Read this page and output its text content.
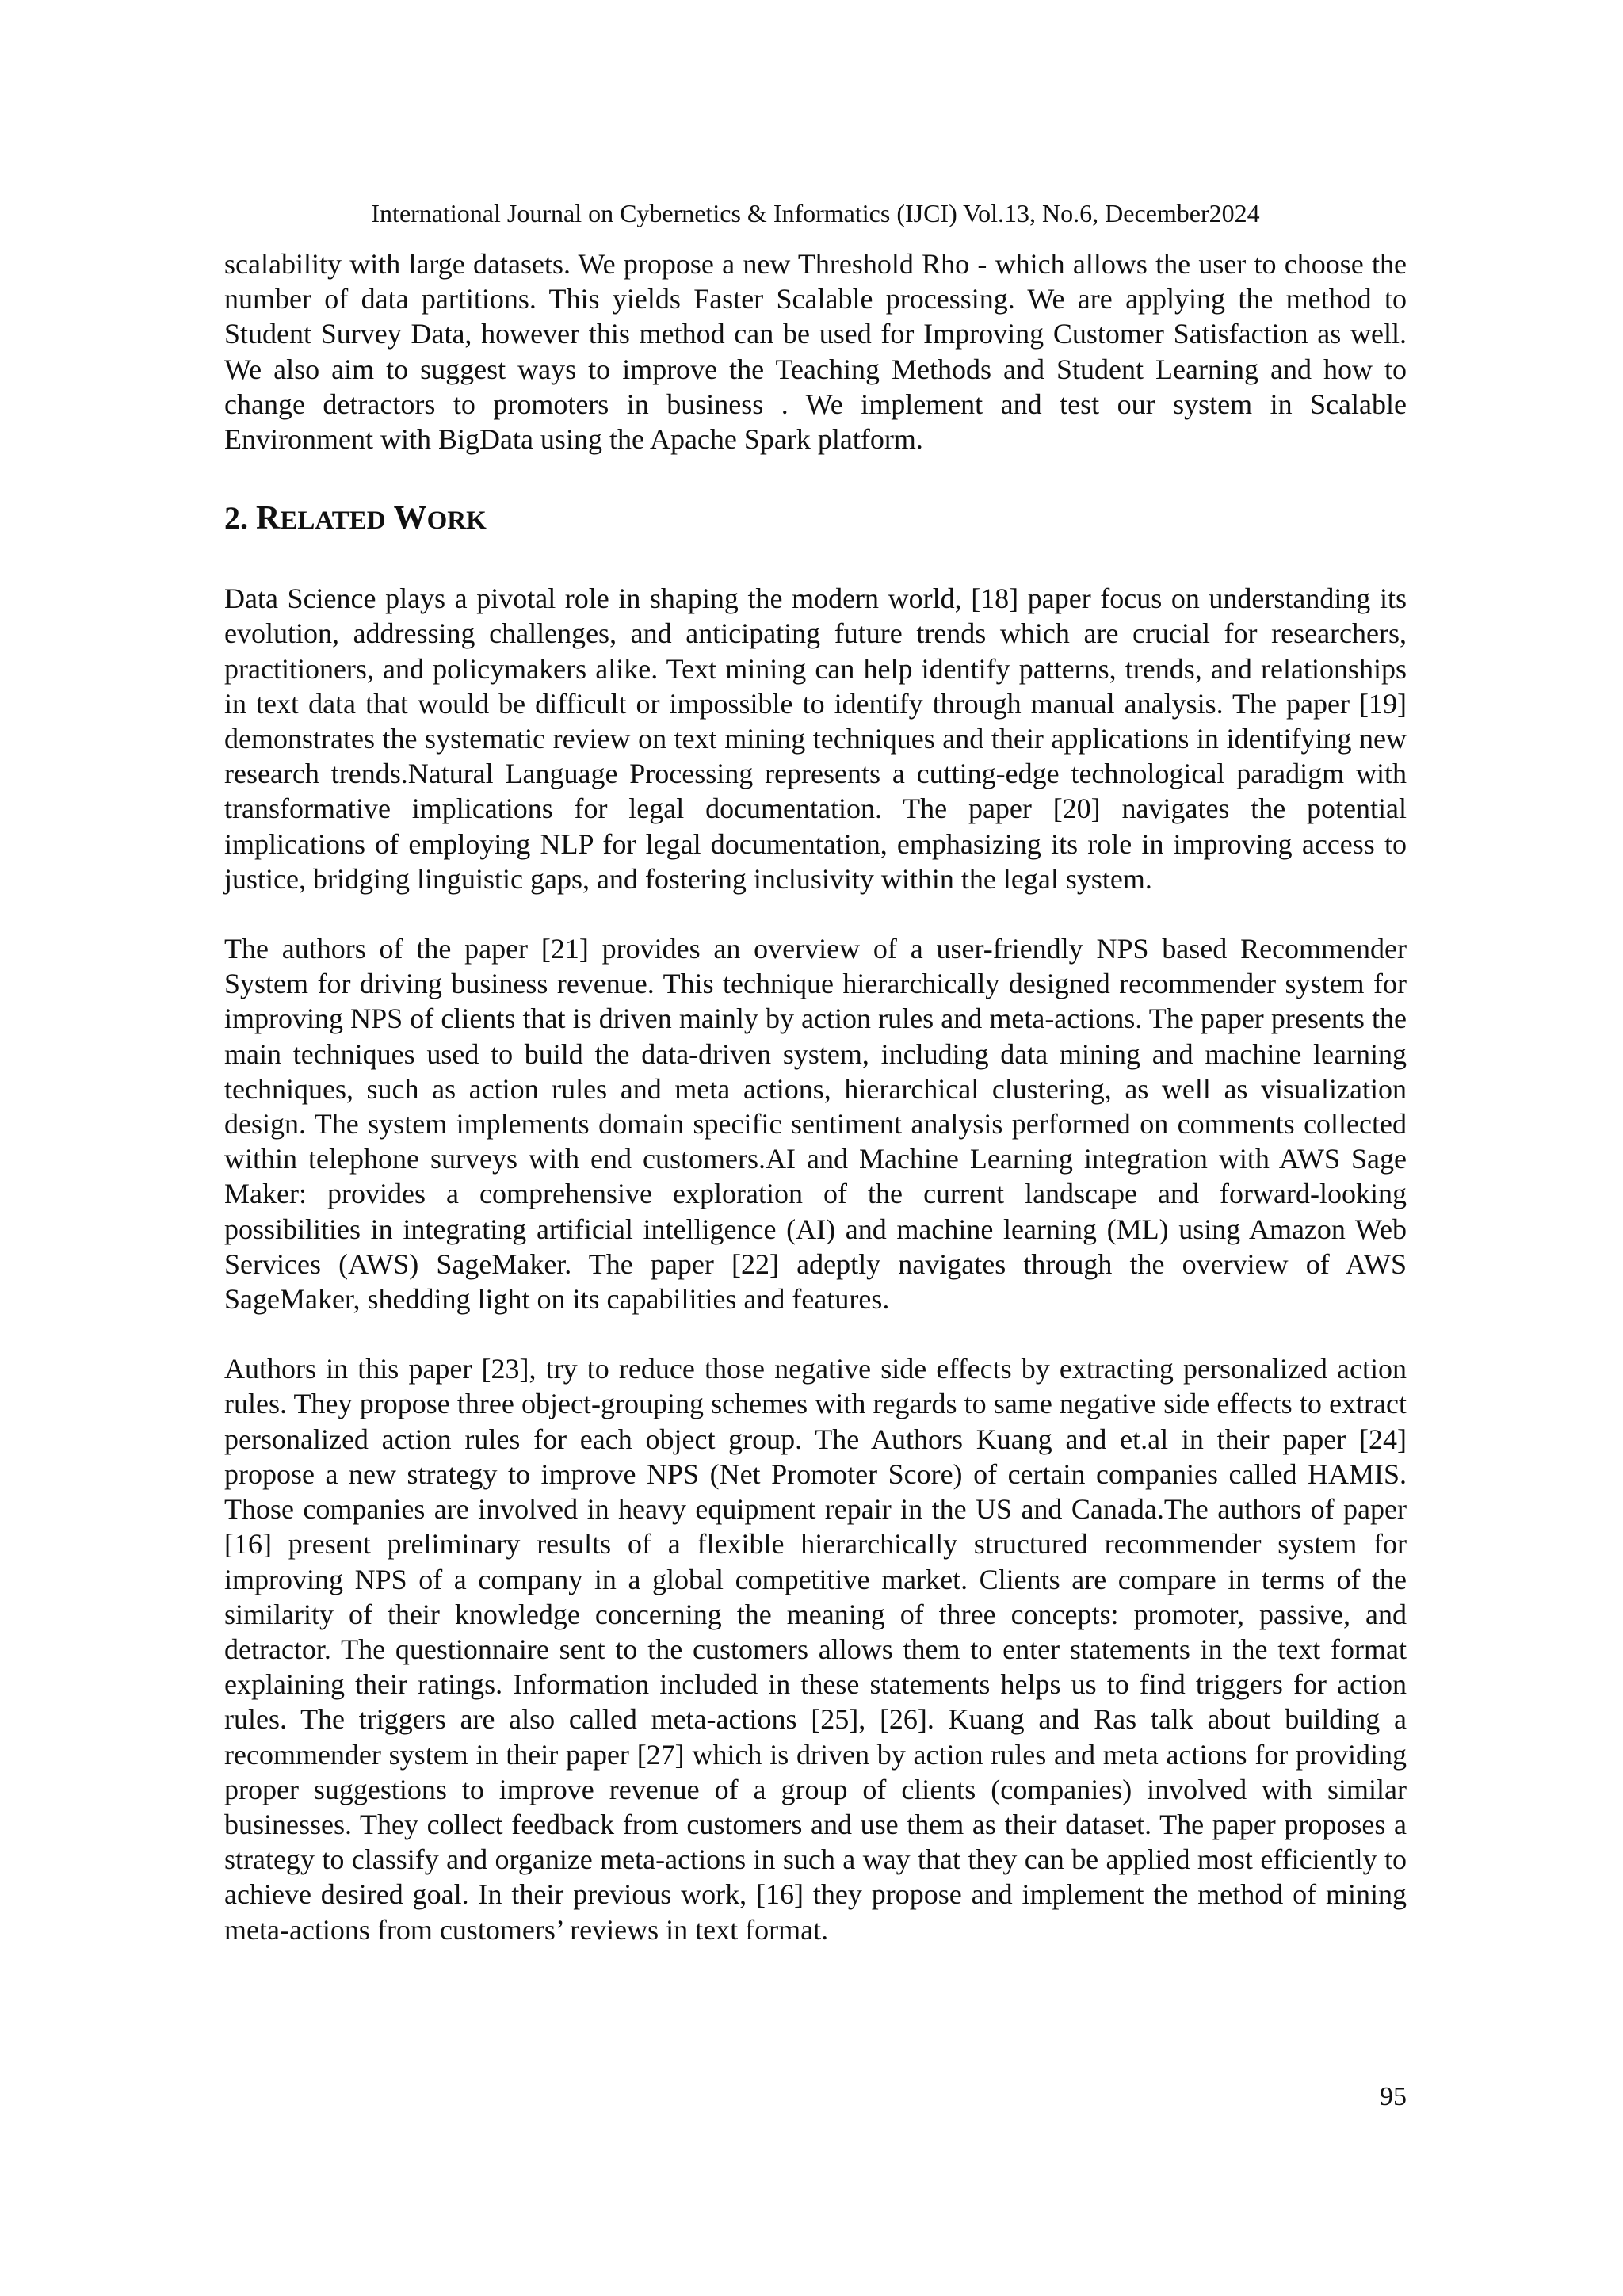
International Journal on Cybernetics & Informatics (IJCI) Vol.13, No.6, December2024

scalability with large datasets. We propose a new Threshold Rho - which allows the user to choose the number of data partitions. This yields Faster Scalable processing. We are applying the method to Student Survey Data, however this method can be used for Improving Customer Satisfaction as well. We also aim to suggest ways to improve the Teaching Methods and Student Learning and how to change detractors to promoters in business . We implement and test our system in Scalable Environment with BigData using the Apache Spark platform.

2. RELATED WORK

Data Science plays a pivotal role in shaping the modern world, [18] paper focus on understanding its evolution, addressing challenges, and anticipating future trends which are crucial for researchers, practitioners, and policymakers alike. Text mining can help identify patterns, trends, and relationships in text data that would be difficult or impossible to identify through manual analysis. The paper [19] demonstrates the systematic review on text mining techniques and their applications in identifying new research trends.Natural Language Processing represents a cutting-edge technological paradigm with transformative implications for legal documentation. The paper [20] navigates the potential implications of employing NLP for legal documentation, emphasizing its role in improving access to justice, bridging linguistic gaps, and fostering inclusivity within the legal system.

The authors of the paper [21] provides an overview of a user-friendly NPS based Recommender System for driving business revenue. This technique hierarchically designed recommender system for improving NPS of clients that is driven mainly by action rules and meta-actions. The paper presents the main techniques used to build the data-driven system, including data mining and machine learning techniques, such as action rules and meta actions, hierarchical clustering, as well as visualization design. The system implements domain specific sentiment analysis performed on comments collected within telephone surveys with end customers.AI and Machine Learning integration with AWS Sage Maker: provides a comprehensive exploration of the current landscape and forward-looking possibilities in integrating artificial intelligence (AI) and machine learning (ML) using Amazon Web Services (AWS) SageMaker. The paper [22] adeptly navigates through the overview of AWS SageMaker, shedding light on its capabilities and features.

Authors in this paper [23], try to reduce those negative side effects by extracting personalized action rules. They propose three object-grouping schemes with regards to same negative side effects to extract personalized action rules for each object group. The Authors Kuang and et.al in their paper [24] propose a new strategy to improve NPS (Net Promoter Score) of certain companies called HAMIS. Those companies are involved in heavy equipment repair in the US and Canada.The authors of paper [16] present preliminary results of a flexible hierarchically structured recommender system for improving NPS of a company in a global competitive market. Clients are compare in terms of the similarity of their knowledge concerning the meaning of three concepts: promoter, passive, and detractor. The questionnaire sent to the customers allows them to enter statements in the text format explaining their ratings. Information included in these statements helps us to find triggers for action rules. The triggers are also called meta-actions [25], [26]. Kuang and Ras talk about building a recommender system in their paper [27] which is driven by action rules and meta actions for providing proper suggestions to improve revenue of a group of clients (companies) involved with similar businesses. They collect feedback from customers and use them as their dataset. The paper proposes a strategy to classify and organize meta-actions in such a way that they can be applied most efficiently to achieve desired goal. In their previous work, [16] they propose and implement the method of mining meta-actions from customers’ reviews in text format.

95
